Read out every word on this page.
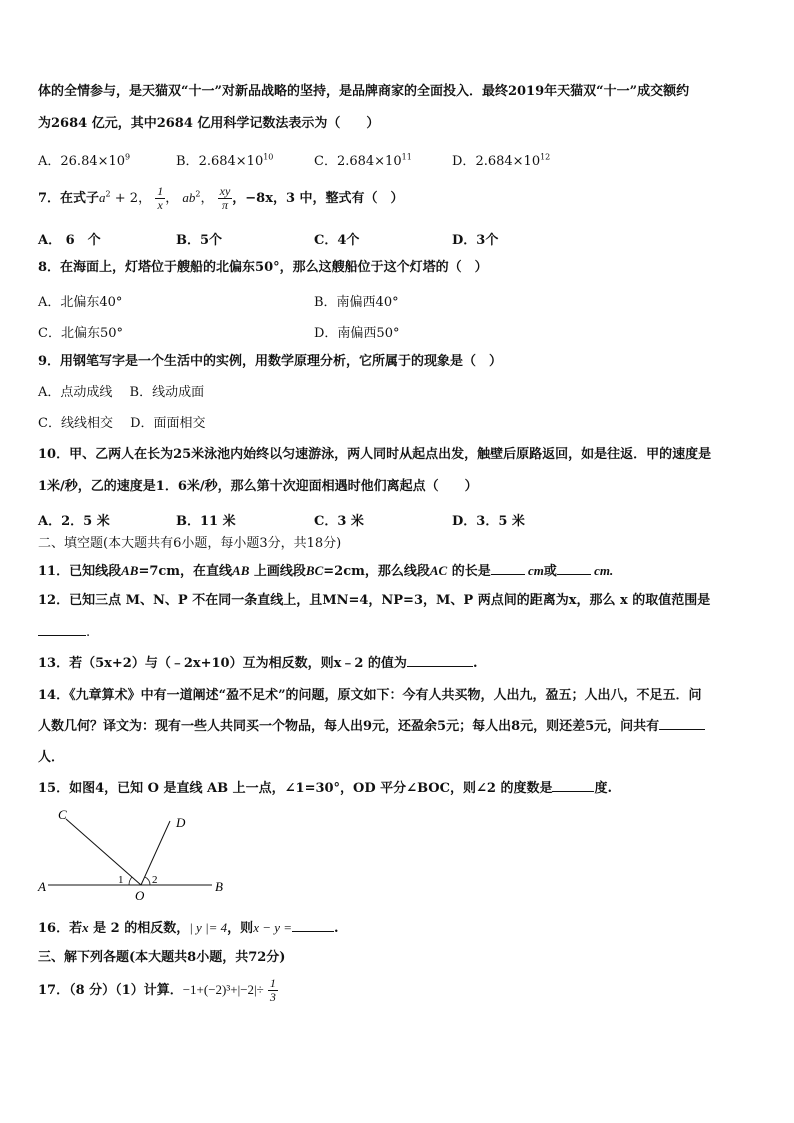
体的全情参与，是天猫双“十一”对新品战略的坚持，是品牌商家的全面投入．最终2019年天猫双“十一”成交额约
为2684 亿元，其中2684 亿用科学记数法表示为（　　）
A．$26.84\times 10^9$	B．$2.684\times 10^{10}$	C．$2.684\times 10^{11}$	D．$2.684\times 10^{12}$
7．在式子$a^2 + 2$， $\frac{1}{x}$ ， $ab^2$， $\frac{xy}{\pi}$ ，−8x，3 中，整式有（　）
A． 6　个	B．5个	C．4个	D．3个
8．在海面上，灯塔位于艘船的北偏东50°，那么这艘船位于这个灯塔的（　）
A．北偏东40°	B．南偏西40°
C．北偏东50°	D．南偏西50°
9．用钢笔写字是一个生活中的实例，用数学原理分析，它所属于的现象是（　）
A．点动成线　 B．线动成面
C．线线相交　 D．面面相交
10．甲、乙两人在长为25米泳池内始终以匀速游泳，两人同时从起点出发，触壁后原路返回，如是往返．甲的速度是
1米/秒，乙的速度是1．6米/秒，那么第十次迎面相遇时他们离起点（　　）
A．2．5 米	B．11 米	C．3 米	D．3．5 米
二、填空题(本大题共有6小题，每小题3分，共18分)
11．已知线段AB=7cm，在直线AB 上画线段BC=2cm，那么线段AC 的长是	cm或	cm.
12．已知三点 M、N、P 不在同一条直线上，且MN=4，NP=3，M、P 两点间的距离为x，那么 x 的取值范围是
.
13．若（5x+2）与（﹣2x+10）互为相反数，则x﹣2 的值为	.
14．《九章算术》中有一道阐述“盈不足术”的问题，原文如下：今有人共买物，人出九，盈五；人出八，不足五．问
人数几何？译文为：现有一些人共同买一个物品，每人出9元，还盈余5元；每人出8元，则还差5元，问共有
人．
15．如图4，已知 O 是直线 AB 上一点，∠1=30°，OD 平分∠BOC，则∠2 的度数是	度.
A	B
C
D
O
1	2
16．若x 是 2 的相反数，| y |= 4，则x − y =	.
三、解下列各题(本大题共8小题，共72分)
17．（8 分）（1）计算．$-1+(-2)^3+|-2|\div \frac{1}{3}$
